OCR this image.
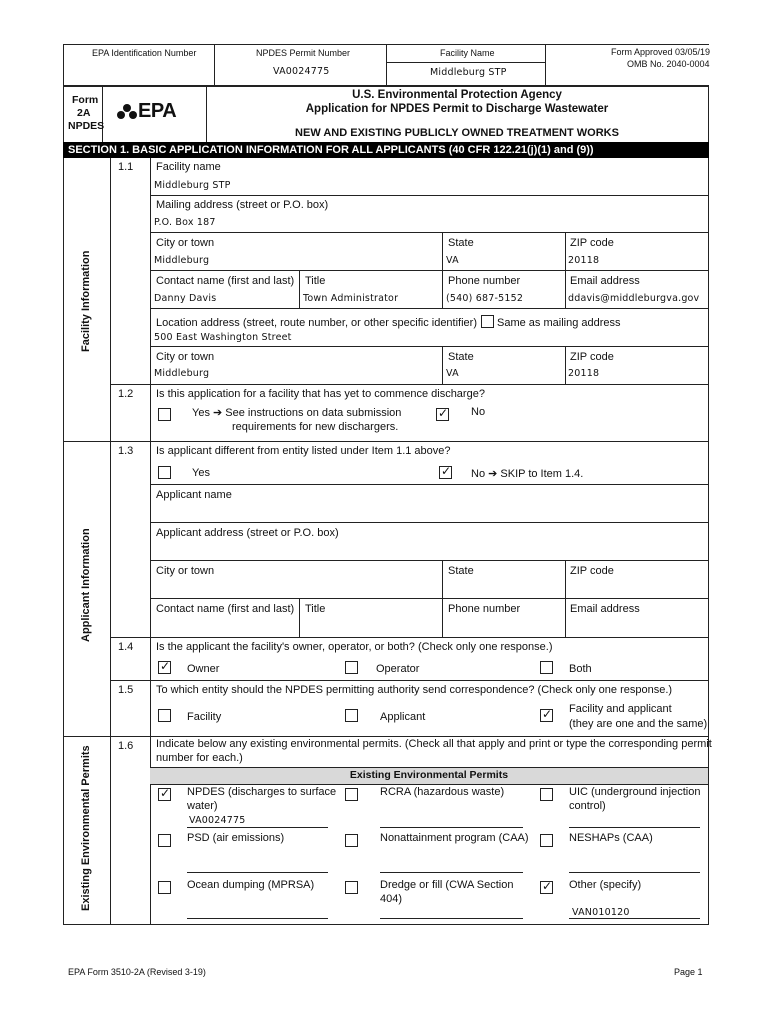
EPA Identification Number	NPDES Permit Number
VA0024775
Facility Name
Middleburg STP
Form Approved 03/05/19
OMB No. 2040-0004
Form
2A
NPDES
EPA
U.S. Environmental Protection Agency
Application for NPDES Permit to Discharge Wastewater
NEW AND EXISTING PUBLICLY OWNED TREATMENT WORKS
SECTION 1. BASIC APPLICATION INFORMATION FOR ALL APPLICANTS (40 CFR 122.21(j)(1) and (9))
Facility Information
Applicant Information
Existing Environmental Permits
1.1 Facility name
Middleburg STP
Mailing address (street or P.O. box)
P.O. Box 187
City or town	State	ZIP code
Middleburg	VA	20118
Contact name (first and last) Title	Phone number	Email address
Danny Davis	Town Administrator	(540) 687-5152	ddavis@middleburgva.gov
Location address (street, route number, or other specific identifier) Same as mailing address
500 East Washington Street
City or town	State	ZIP code
Middleburg	VA	20118
1.2 Is this application for a facility that has yet to commence discharge?
Yes ➔ See instructions on data submission
requirements for new dischargers.
✓
No
1.3 Is applicant different from entity listed under Item 1.1 above?
Yes
✓	No ➔ SKIP to Item 1.4.
Applicant name
Applicant address (street or P.O. box)
City or town	State	ZIP code
Contact name (first and last) Title	Phone number	Email address
1.4 Is the applicant the facility's owner, operator, or both? (Check only one response.)
✓
Owner	Operator	Both
1.5 To which entity should the NPDES permitting authority send correspondence? (Check only one response.)
Facility	Applicant
✓
Facility and applicant
(they are one and the same)
1.6 Indicate below any existing environmental permits. (Check all that apply and print or type the corresponding permit
number for each.)
Existing Environmental Permits
✓
NPDES (discharges to surface
water)
VA0024775
RCRA (hazardous waste)	UIC (underground injection
control)
PSD (air emissions)	Nonattainment program (CAA)	NESHAPs (CAA)
Ocean dumping (MPRSA)	Dredge or fill (CWA Section
404)
✓
Other (specify)
VAN010120
EPA Form 3510-2A (Revised 3-19)	Page 1
